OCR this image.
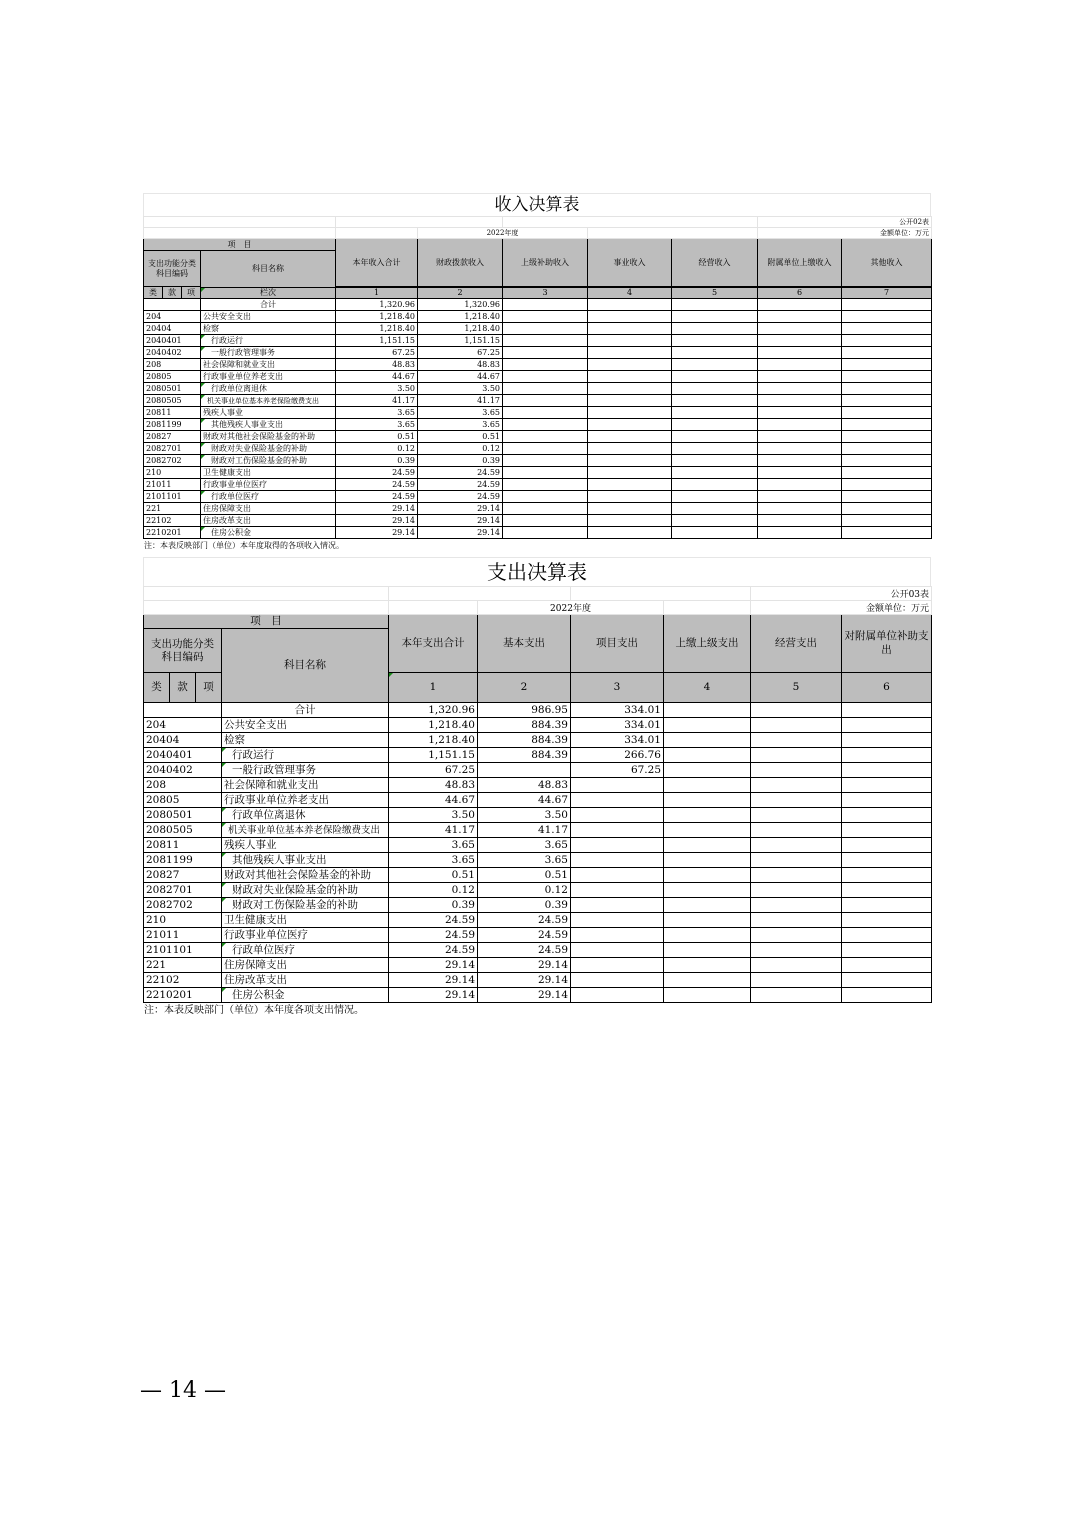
收入决算表
									公开02表	
					2022年度				金额单位：万元	
项　目				本年收入合计	财政拨款收入	上级补助收入	事业收入	经营收入	附属单位上缴收入	其他收入
支出功能分类科目编码			科目名称							

类	款	项								

			栏次	1	2	3	4	5	6	7
			合计	1,320.96	1,320.96					
204			公共安全支出	1,218.40	1,218.40					
20404			检察	1,218.40	1,218.40					
2040401			行政运行	1,151.15	1,151.15					
2040402			一般行政管理事务	67.25	67.25					
208			社会保障和就业支出	48.83	48.83					
20805			行政事业单位养老支出	44.67	44.67					
2080501			行政单位离退休	3.50	3.50					
2080505			机关事业单位基本养老保险缴费支出	41.17	41.17					
20811			残疾人事业	3.65	3.65					
2081199			其他残疾人事业支出	3.65	3.65					
20827			财政对其他社会保险基金的补助	0.51	0.51					
2082701			财政对失业保险基金的补助	0.12	0.12					
2082702			财政对工伤保险基金的补助	0.39	0.39					
210			卫生健康支出	24.59	24.59					
21011			行政事业单位医疗	24.59	24.59					
2101101			行政单位医疗	24.59	24.59					
221			住房保障支出	29.14	29.14					
22102			住房改革支出	29.14	29.14					
2210201			住房公积金	29.14	29.14					
注：本表反映部门（单位）本年度取得的各项收入情况。
支出决算表
								公开03表	
					2022年度			金额单位：万元	
项　目				本年支出合计	基本支出	项目支出	上缴上级支出	经营支出	对附属单位补助支出
支出功能分类科目编码			科目名称						
类	款	项		1	2	3	4	5	6
			合计	1,320.96	986.95	334.01			
204			公共安全支出	1,218.40	884.39	334.01			
20404			检察	1,218.40	884.39	334.01			
2040401			行政运行	1,151.15	884.39	266.76			
2040402			一般行政管理事务	67.25		67.25			
208			社会保障和就业支出	48.83	48.83				
20805			行政事业单位养老支出	44.67	44.67				
2080501			行政单位离退休	3.50	3.50				
2080505			机关事业单位基本养老保险缴费支出	41.17	41.17				
20811			残疾人事业	3.65	3.65				
2081199			其他残疾人事业支出	3.65	3.65				
20827			财政对其他社会保险基金的补助	0.51	0.51				
2082701			财政对失业保险基金的补助	0.12	0.12				
2082702			财政对工伤保险基金的补助	0.39	0.39				
210			卫生健康支出	24.59	24.59				
21011			行政事业单位医疗	24.59	24.59				
2101101			行政单位医疗	24.59	24.59				
221			住房保障支出	29.14	29.14				
22102			住房改革支出	29.14	29.14				
2210201			住房公积金	29.14	29.14				
注：本表反映部门（单位）本年度各项支出情况。
— 14 —
